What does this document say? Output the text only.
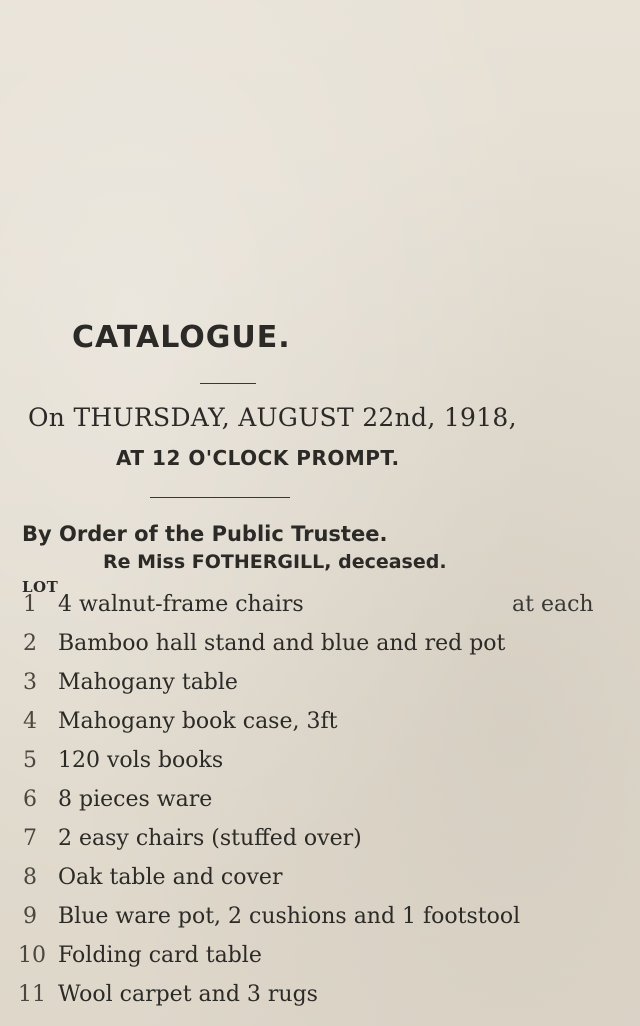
CATALOGUE.
On THURSDAY, AUGUST 22nd, 1918,
AT 12 O'CLOCK PROMPT.
By Order of the Public Trustee.
Re Miss FOTHERGILL, deceased.
LOT
1 4 walnut-frame chairs	at each
2 Bamboo hall stand and blue and red pot
3 Mahogany table
4 Mahogany book case, 3ft
5 120 vols books
6 8 pieces ware
7 2 easy chairs (stuffed over)
8 Oak table and cover
9 Blue ware pot, 2 cushions and 1 footstool
10 Folding card table
11 Wool carpet and 3 rugs
